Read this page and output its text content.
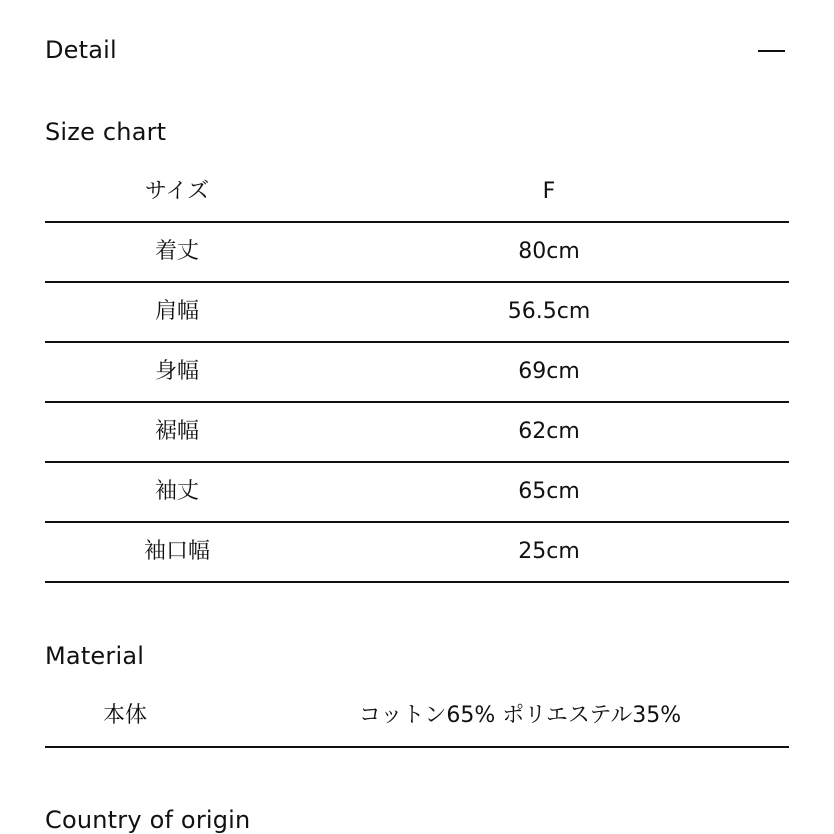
Detail
Size chart
サイズ	F
着丈	80cm
肩幅	56.5cm
身幅	69cm
裾幅	62cm
袖丈	65cm
袖口幅	25cm
Material
本体	コットン65% ポリエステル35%
Country of origin
